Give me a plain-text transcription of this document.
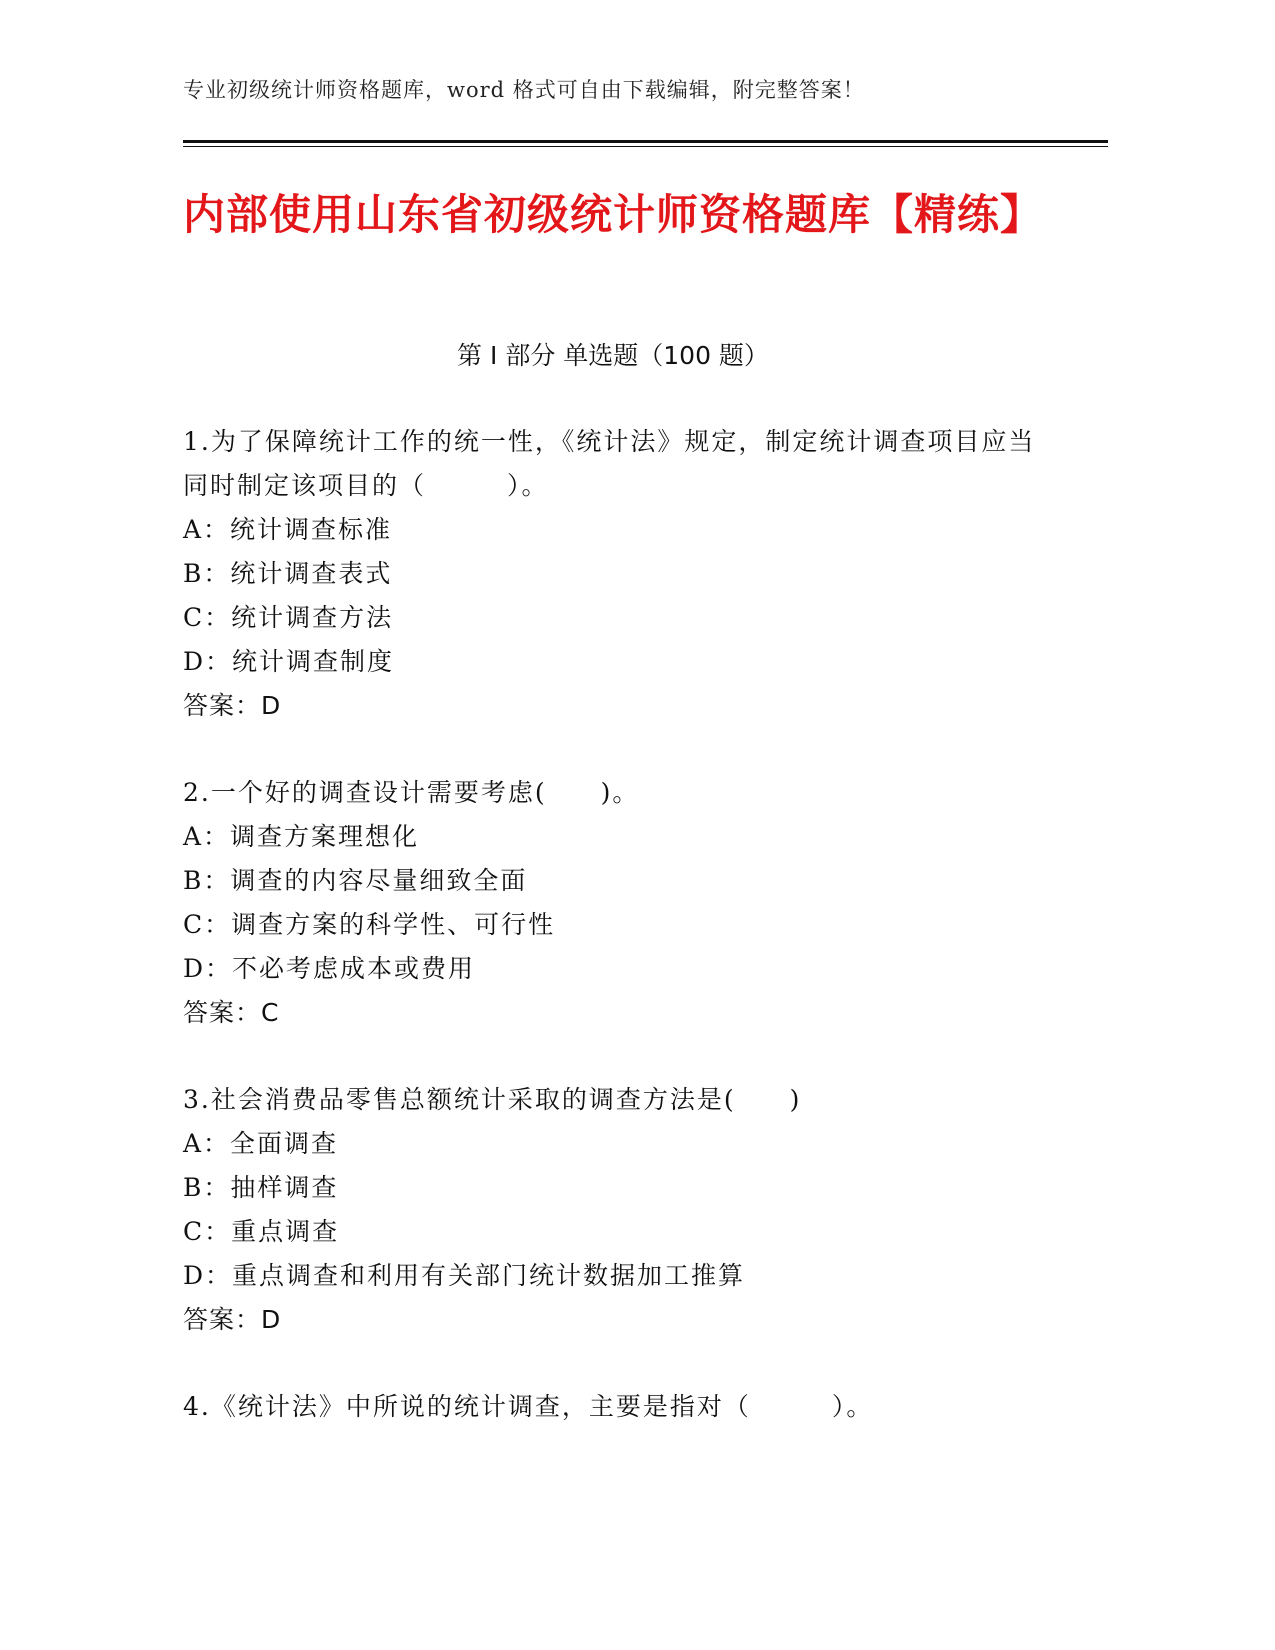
专业初级统计师资格题库，word 格式可自由下载编辑，附完整答案！
内部使用山东省初级统计师资格题库【精练】
第 I 部分 单选题（100 题）
1.为了保障统计工作的统一性，《统计法》规定，制定统计调查项目应当同时制定该项目的（　　　）。
A：统计调查标准
B：统计调查表式
C：统计调查方法
D：统计调查制度
答案：D
2.一个好的调查设计需要考虑(　　)。
A：调查方案理想化
B：调查的内容尽量细致全面
C：调查方案的科学性、可行性
D：不必考虑成本或费用
答案：C
3.社会消费品零售总额统计采取的调查方法是(　　)
A：全面调查
B：抽样调查
C：重点调查
D：重点调查和利用有关部门统计数据加工推算
答案：D
4.《统计法》中所说的统计调查，主要是指对（　　　）。
